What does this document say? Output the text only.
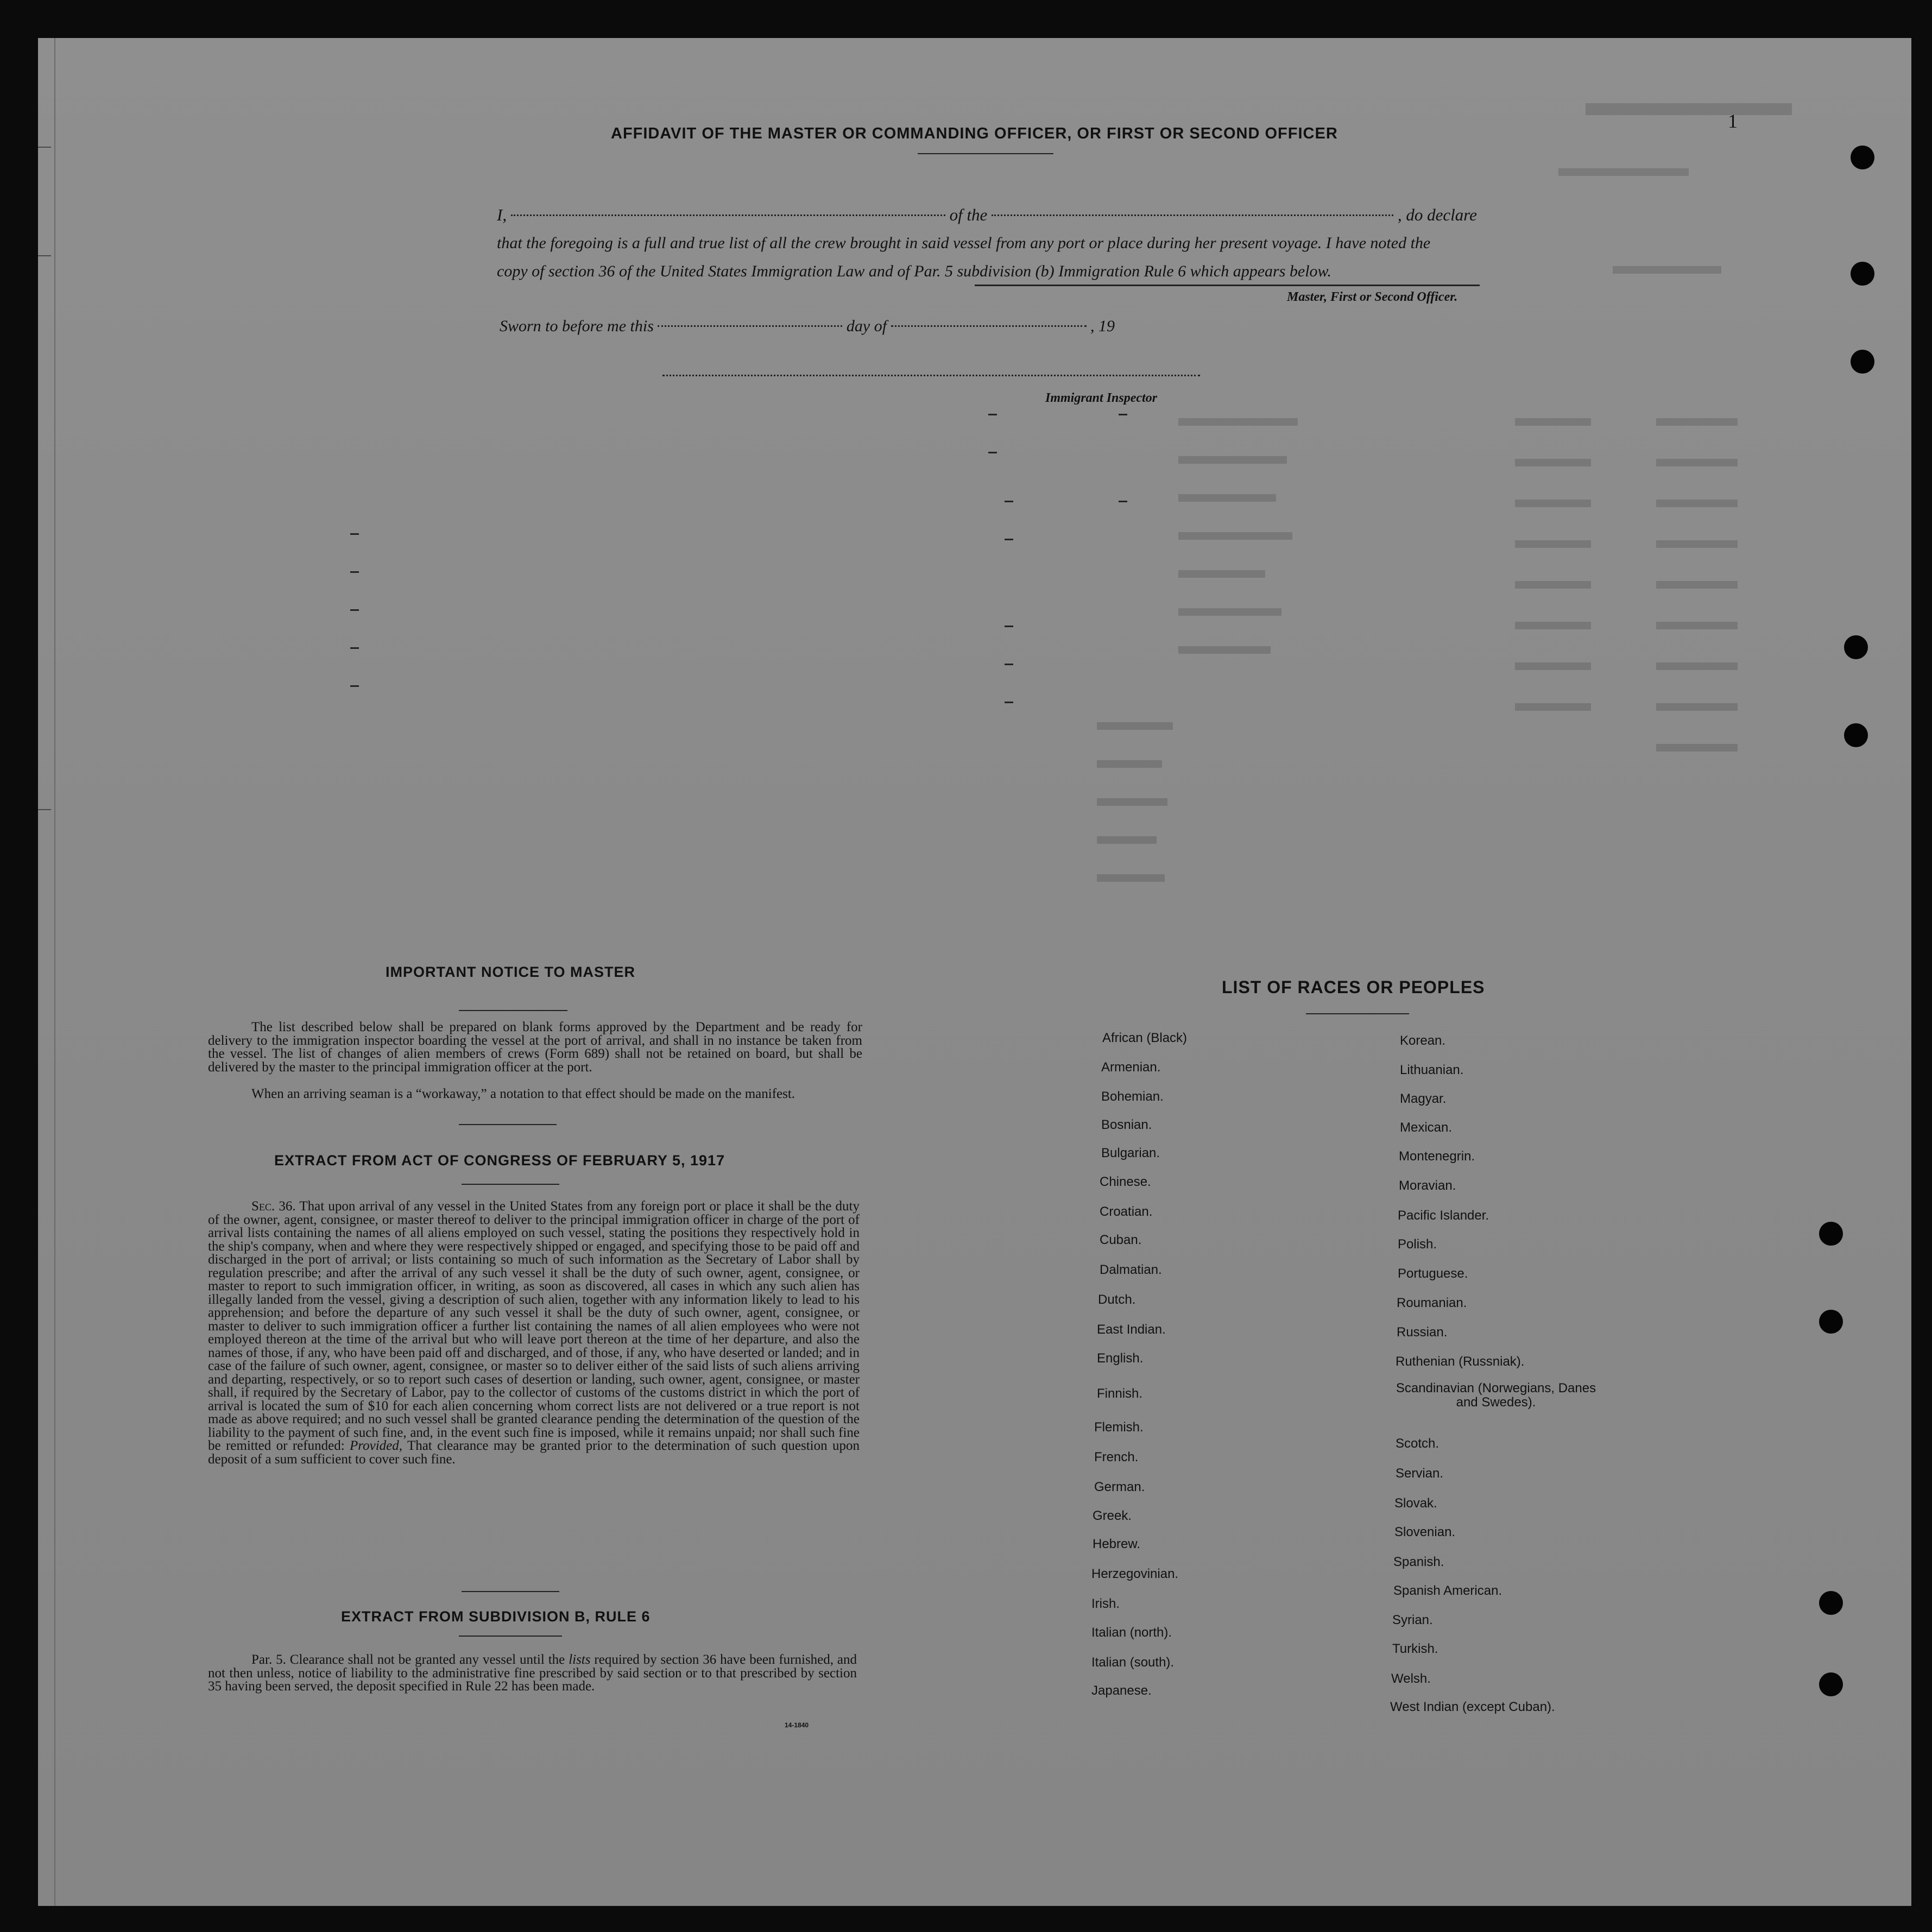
1
AFFIDAVIT OF THE MASTER OR COMMANDING OFFICER, OR FIRST OR SECOND OFFICER
I,	of the	, do declare
that the foregoing is a full and true list of all the crew brought in said vessel from any port or place during her present voyage. I have noted the
copy of section 36 of the United States Immigration Law and of Par. 5 subdivision (b) Immigration Rule 6 which appears below.
Master, First or Second Officer.
Sworn to before me this	day of	, 19
Immigrant Inspector
IMPORTANT NOTICE TO MASTER
The list described below shall be prepared on blank forms approved by the Department and be ready for delivery to the immigration inspector boarding the vessel at the port of arrival, and shall in no instance be taken from the vessel. The list of changes of alien members of crews (Form 689) shall not be retained on board, but shall be delivered by the master to the principal immigration officer at the port.
When an arriving seaman is a “workaway,” a notation to that effect should be made on the manifest.
EXTRACT FROM ACT OF CONGRESS OF FEBRUARY 5, 1917
Sec. 36. That upon arrival of any vessel in the United States from any foreign port or place it shall be the duty of the owner, agent, consignee, or master thereof to deliver to the principal immigration officer in charge of the port of arrival lists containing the names of all aliens employed on such vessel, stating the positions they respectively hold in the ship's company, when and where they were respectively shipped or engaged, and specifying those to be paid off and discharged in the port of arrival; or lists containing so much of such information as the Secretary of Labor shall by regulation prescribe; and after the arrival of any such vessel it shall be the duty of such owner, agent, consignee, or master to report to such immigration officer, in writing, as soon as discovered, all cases in which any such alien has illegally landed from the vessel, giving a description of such alien, together with any information likely to lead to his apprehension; and before the departure of any such vessel it shall be the duty of such owner, agent, consignee, or master to deliver to such immigration officer a further list containing the names of all alien employees who were not employed thereon at the time of the arrival but who will leave port thereon at the time of her departure, and also the names of those, if any, who have been paid off and discharged, and of those, if any, who have deserted or landed; and in case of the failure of such owner, agent, consignee, or master so to deliver either of the said lists of such aliens arriving and departing, respectively, or so to report such cases of desertion or landing, such owner, agent, consignee, or master shall, if required by the Secretary of Labor, pay to the collector of customs of the customs district in which the port of arrival is located the sum of $10 for each alien concerning whom correct lists are not delivered or a true report is not made as above required; and no such vessel shall be granted clearance pending the determination of the question of the liability to the payment of such fine, and, in the event such fine is imposed, while it remains unpaid; nor shall such fine be remitted or refunded: Provided, That clearance may be granted prior to the determination of such question upon deposit of a sum sufficient to cover such fine.
EXTRACT FROM SUBDIVISION B, RULE 6
Par. 5. Clearance shall not be granted any vessel until the lists required by section 36 have been furnished, and not then unless, notice of liability to the administrative fine prescribed by said section or to that prescribed by section 35 having been served, the deposit specified in Rule 22 has been made.
14-1840
LIST OF RACES OR PEOPLES
African (Black)
Armenian.
Bohemian.
Bosnian.
Bulgarian.
Chinese.
Croatian.
Cuban.
Dalmatian.
Dutch.
East Indian.
English.
Finnish.
Flemish.
French.
German.
Greek.
Hebrew.
Herzegovinian.
Irish.
Italian (north).
Italian (south).
Japanese.
Korean.
Lithuanian.
Magyar.
Mexican.
Montenegrin.
Moravian.
Pacific Islander.
Polish.
Portuguese.
Roumanian.
Russian.
Ruthenian (Russniak).
Scandinavian (Norwegians, Danes and Swedes).
Scotch.
Servian.
Slovak.
Slovenian.
Spanish.
Spanish American.
Syrian.
Turkish.
Welsh.
West Indian (except Cuban).
